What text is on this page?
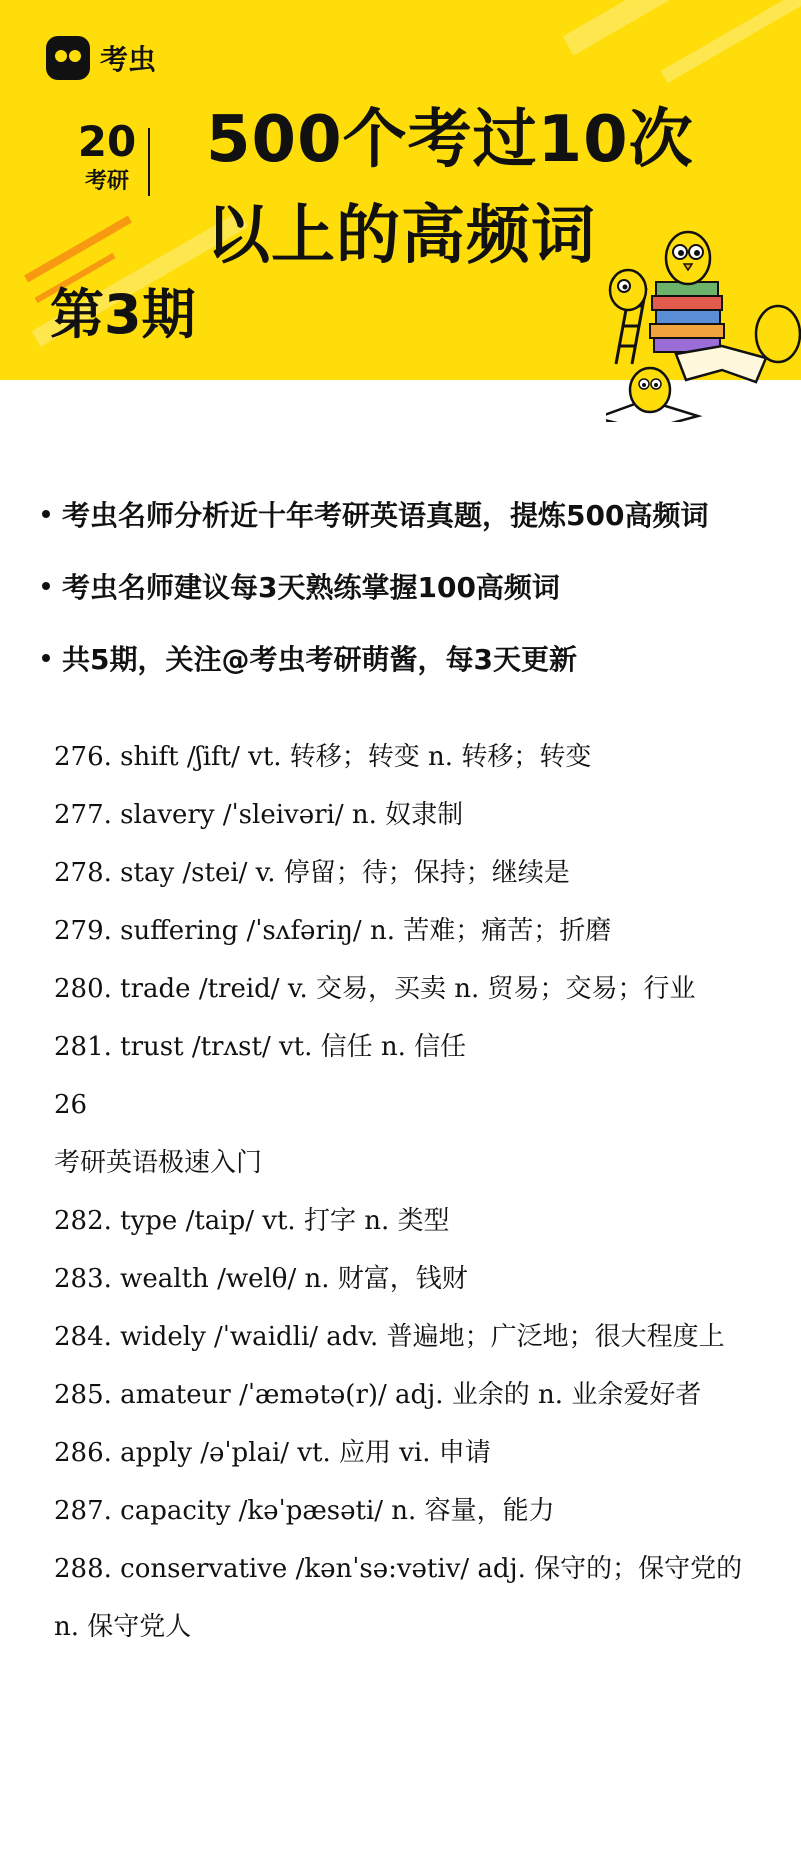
考虫
20
考研
500个考过10次
以上的高频词
第3期
考虫名师分析近十年考研英语真题，提炼500高频词
考虫名师建议每3天熟练掌握100高频词
共5期，关注@考虫考研萌酱，每3天更新
276. shift /ʃift/ vt. 转移；转变 n. 转移；转变
277. slavery /ˈsleivəri/ n. 奴隶制
278. stay /stei/ v. 停留；待；保持；继续是
279. suffering /ˈsʌfəriŋ/ n. 苦难；痛苦；折磨
280. trade /treid/ v. 交易，买卖 n. 贸易；交易；行业
281. trust /trʌst/ vt. 信任 n. 信任
26
考研英语极速入门
282. type /taip/ vt. 打字 n. 类型
283. wealth /welθ/ n. 财富，钱财
284. widely /ˈwaidli/ adv. 普遍地；广泛地；很大程度上
285. amateur /ˈæmətə(r)/ adj. 业余的 n. 业余爱好者
286. apply /əˈplai/ vt. 应用 vi. 申请
287. capacity /kəˈpæsəti/ n. 容量，能力
288. conservative /kənˈsə:vətiv/ adj. 保守的；保守党的 n. 保守党人
